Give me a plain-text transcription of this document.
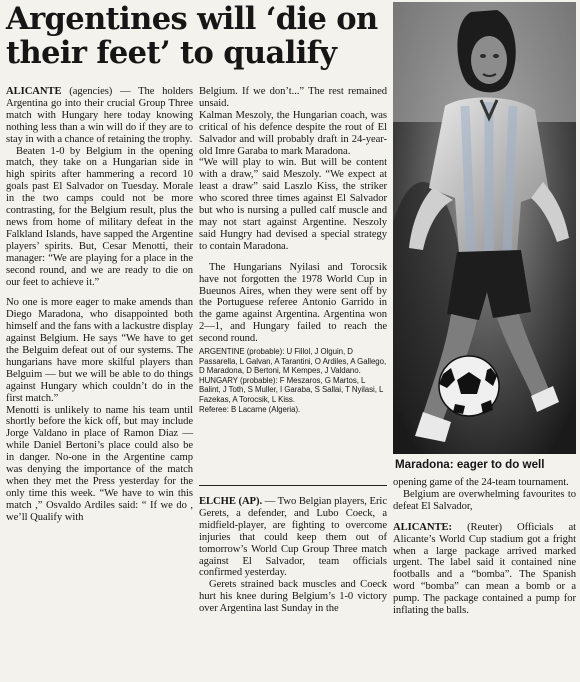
Argentines will ‘die on their feet’ to qualify

ALICANTE (agencies) — The holders Argentina go into their crucial Group Three match with Hungary here today knowing nothing less than a win will do if they are to stay in with a chance of retaining the trophy.

Beaten 1-0 by Belgium in the opening match, they take on a Hungarian side in high spirits after hammering a record 10 goals past El Salvador on Tuesday. Morale in the two camps could not be more contrasting, for the Belgium result, plus the news from home of military defeat in the Falkland Islands, have sapped the Argentine players’ spirits. But, Cesar Menotti, their manager: “We are playing for a place in the second round, and we are ready to die on our feet to achieve it.”

No one is more eager to make amends than Diego Maradona, who disappointed both himself and the fans with a lackustre display against Belgium. He says “We have to get the Belguim defeat out of our systems. The hungarians have more skilful players than Belguim — but we will be able to do things against Hungary which couldn’t do in the first match.”

Menotti is unlikely to name his team until shortly before the kick off, but may include Jorge Valdano in place of Ramon Diaz — while Daniel Bertoni’s place could also be in danger. No-one in the Argentine camp was denying the importance of the match when they met the Press yesterday for the only time this week. “We have to win this match ,” Osvaldo Ardiles said: “ If we do , we’ll Qualify with

Belgium. If we don’t...” The rest remained unsaid.

Kalman Meszoly, the Hungarian coach, was critical of his defence despite the rout of El Salvador and will probably draft in 24-year-old Imre Garaba to mark Maradona.

“We will play to win. But will be content with a draw,” said Meszoly. “We expect at least a draw” said Laszlo Kiss, the striker who scored three times against El Salvador but who is nursing a pulled calf muscle and may not start against Argentine. Neszoly said Hungry had devised a special strategy to contain Maradona.

The Hungarians Nyilasi and Torocsik have not forgotten the 1978 World Cup in Bueunos Aires, when they were sent off by the Portuguese referee Antonio Garrido in the game against Argentina. Argentina won 2—1, and Hungary failed to reach the second round.

ARGENTINE (probable): U Fillol, J Olguin, D Passarella, L Galvan, A Tarantini, O Ardiles, A Gallego, D Maradona, D Bertoni, M Kempes, J Valdano.

HUNGARY (probable): F Meszaros, G Martos, L Balint, J Toth, S Muller, I Garaba, S Sallai, T Nyilasi, L Fazekas, A Torocsik, L Kiss.

Referee: B Lacarne (Algeria).

ELCHE (AP). — Two Belgian players, Eric Gerets, a defender, and Lubo Coeck, a midfield-player, are fighting to overcome injuries that could keep them out of tomorrow’s World Cup Group Three match against El Salvador, team officials confirmed yesterday.

Gerets strained back muscles and Coeck hurt his knee during Belgium’s 1-0 victory over Argentina last Sunday in the

Maradona: eager to do well

opening game of the 24-team tournament.

Belgium are overwhelming favourites to defeat El Salvador,

ALICANTE: (Reuter) Officials at Alicante’s World Cup stadium got a fright when a large package arrived marked urgent. The label said it contained nine footballs and a “bomba”. The Spanish word “bomba” can mean a bomb or a pump. The package contained a pump for inflating the balls.
